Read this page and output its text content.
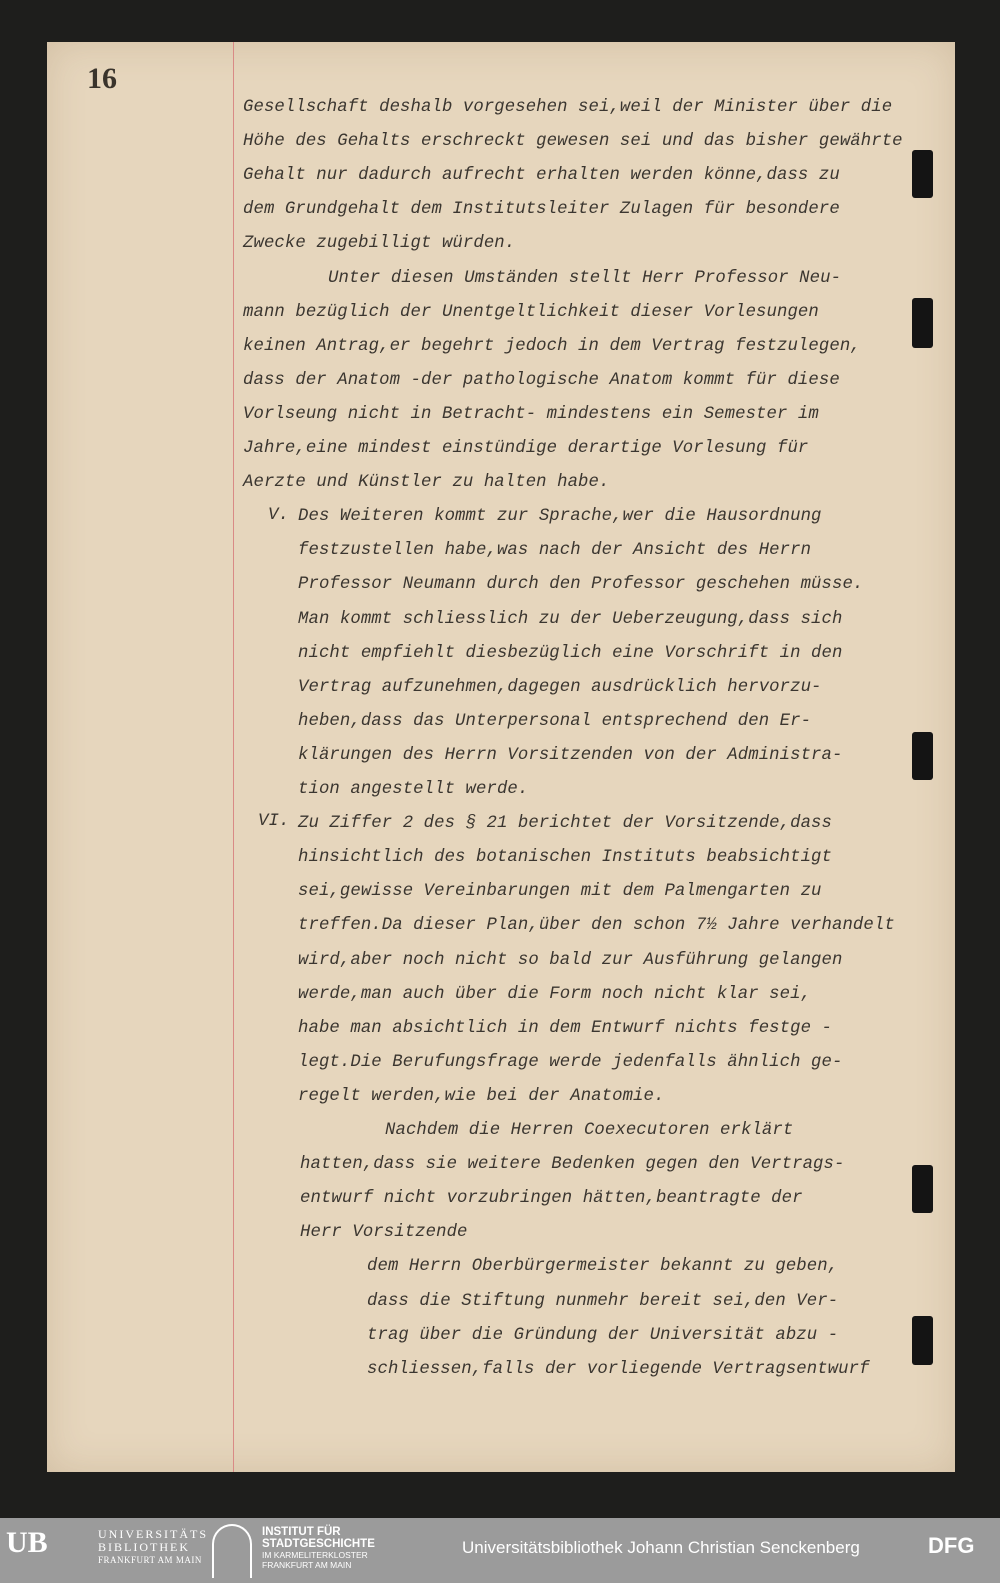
16
Gesellschaft deshalb vorgesehen sei,weil der Minister über die
Höhe des Gehalts erschreckt gewesen sei und das bisher gewährte
Gehalt nur dadurch aufrecht erhalten werden könne,dass zu
dem Grundgehalt dem Institutsleiter Zulagen für besondere
Zwecke zugebilligt würden.
Unter diesen Umständen stellt Herr Professor Neu-
mann bezüglich der Unentgeltlichkeit dieser Vorlesungen
keinen Antrag,er begehrt jedoch in dem Vertrag festzulegen,
dass der Anatom -der pathologische Anatom kommt für diese
Vorlseung nicht in Betracht- mindestens ein Semester im
Jahre,eine mindest einstündige derartige Vorlesung für
Aerzte und Künstler zu halten habe.
Des Weiteren kommt zur Sprache,wer die Hausordnung
festzustellen habe,was nach der Ansicht des Herrn
Professor Neumann durch den Professor geschehen müsse.
Man kommt schliesslich zu der Ueberzeugung,dass sich
nicht empfiehlt diesbezüglich eine Vorschrift in den
Vertrag aufzunehmen,dagegen ausdrücklich hervorzu-
heben,dass das Unterpersonal entsprechend den Er-
klärungen des Herrn Vorsitzenden von der Administra-
tion angestellt werde.
Zu Ziffer 2 des § 21 berichtet der Vorsitzende,dass
hinsichtlich des botanischen Instituts beabsichtigt
sei,gewisse Vereinbarungen mit dem Palmengarten zu
treffen.Da dieser Plan,über den schon 7½ Jahre verhandelt
wird,aber noch nicht so bald zur Ausführung gelangen
werde,man auch über die Form noch nicht klar sei,
habe man absichtlich in dem Entwurf nichts festge -
legt.Die Berufungsfrage werde jedenfalls ähnlich ge-
regelt werden,wie bei der Anatomie.
Nachdem die Herren Coexecutoren erklärt
hatten,dass sie weitere Bedenken gegen den Vertrags-
entwurf nicht vorzubringen hätten,beantragte der
Herr Vorsitzende
dem Herrn Oberbürgermeister bekannt zu geben,
dass die Stiftung nunmehr bereit sei,den Ver-
trag über die Gründung der Universität abzu -
schliessen,falls der vorliegende Vertragsentwurf
V.
VI.
UB	UNIVERSITÄTS
BIBLIOTHEK
FRANKFURT AM MAIN
INSTITUT FÜR
STADTGESCHICHTE
IM KARMELITERKLOSTER
FRANKFURT AM MAIN
Universitätsbibliothek Johann Christian Senckenberg	DFG
